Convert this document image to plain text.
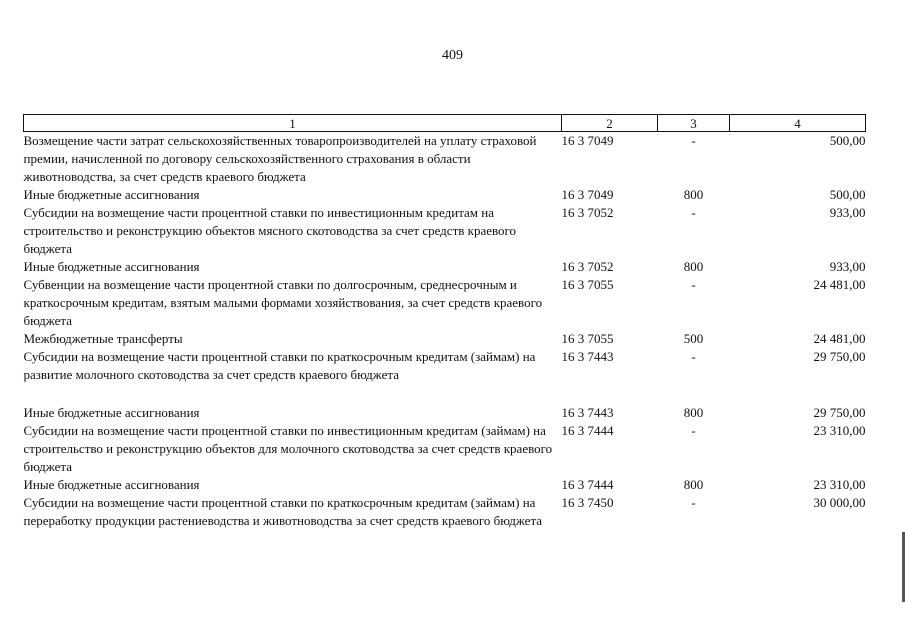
409
1	2	3	4
Возмещение части затрат сельскохозяйственных товаропроизводителей на уплату страховой премии, начисленной по договору сельскохозяйственного страхования в области животноводства, за счет средств краевого бюджета	16 3 7049	-	500,00
Иные бюджетные ассигнования	16 3 7049	800	500,00
Субсидии на возмещение части процентной ставки по инвестиционным кредитам на строительство и реконструкцию объектов мясного скотоводства за счет средств краевого бюджета	16 3 7052	-	933,00
Иные бюджетные ассигнования	16 3 7052	800	933,00
Субвенции на возмещение части процентной ставки по долгосрочным, среднесрочным и краткосрочным кредитам, взятым малыми формами хозяйствования, за счет средств краевого бюджета	16 3 7055	-	24 481,00
Межбюджетные трансферты	16 3 7055	500	24 481,00
Субсидии на возмещение части процентной ставки по краткосрочным кредитам (займам) на развитие молочного скотоводства за счет средств краевого бюджета	16 3 7443	-	29 750,00

Иные бюджетные ассигнования	16 3 7443	800	29 750,00
Субсидии на возмещение части процентной ставки по инвестиционным кредитам (займам) на строительство и реконструкцию объектов для молочного скотоводства за счет средств краевого бюджета	16 3 7444	-	23 310,00
Иные бюджетные ассигнования	16 3 7444	800	23 310,00
Субсидии на возмещение части процентной ставки по краткосрочным кредитам (займам) на переработку продукции растениеводства и животноводства за счет средств краевого бюджета	16 3 7450	-	30 000,00
